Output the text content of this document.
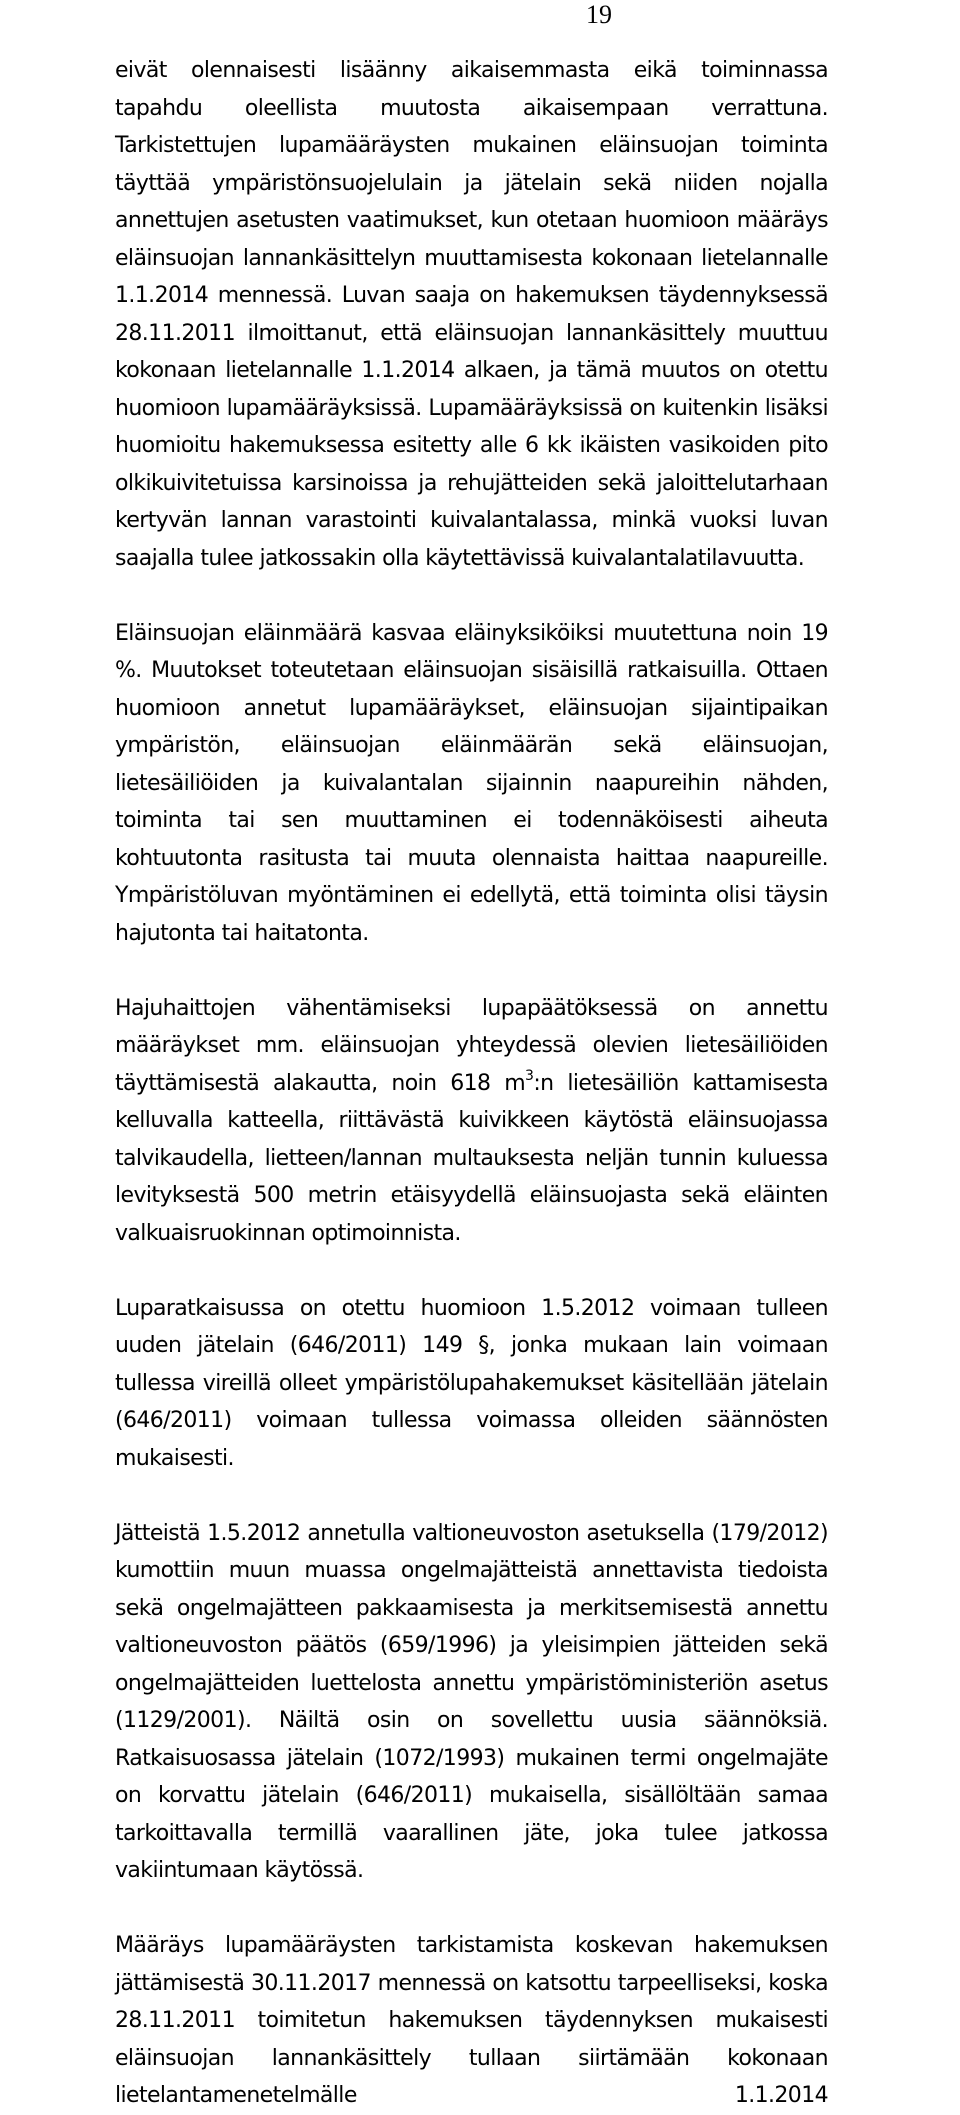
19

eivät olennaisesti lisäänny aikaisemmasta eikä toiminnassa tapahdu oleellista muutosta aikaisempaan verrattuna. Tarkistettujen lupamääräysten mukainen eläinsuojan toiminta täyttää ympäristönsuojelulain ja jätelain sekä niiden nojalla annettujen asetusten vaatimukset, kun otetaan huomioon määräys eläinsuojan lannankäsittelyn muuttamisesta kokonaan lietelannalle 1.1.2014 mennessä. Luvan saaja on hakemuksen täydennyksessä 28.11.2011 ilmoittanut, että eläinsuojan lannankäsittely muuttuu kokonaan lietelannalle 1.1.2014 alkaen, ja tämä muutos on otettu huomioon lupamääräyksissä. Lupamääräyksissä on kuitenkin lisäksi huomioitu hakemuksessa esitetty alle 6 kk ikäisten vasikoiden pito olkikuivitetuissa karsinoissa ja rehujätteiden sekä jaloittelutarhaan kertyvän lannan varastointi kuivalantalassa, minkä vuoksi luvan saajalla tulee jatkossakin olla käytettävissä kuivalantalatilavuutta.

Eläinsuojan eläinmäärä kasvaa eläinyksiköiksi muutettuna noin 19 %. Muutokset toteutetaan eläinsuojan sisäisillä ratkaisuilla. Ottaen huomioon annetut lupamääräykset, eläinsuojan sijaintipaikan ympäristön, eläinsuojan eläinmäärän sekä eläinsuojan, lietesäiliöiden ja kuivalantalan sijainnin naapureihin nähden, toiminta tai sen muuttaminen ei todennäköisesti aiheuta kohtuutonta rasitusta tai muuta olennaista haittaa naapureille. Ympäristöluvan myöntäminen ei edellytä, että toiminta olisi täysin hajutonta tai haitatonta.

Hajuhaittojen vähentämiseksi lupapäätöksessä on annettu määräykset mm. eläinsuojan yhteydessä olevien lietesäiliöiden täyttämisestä alakautta, noin 618 $m^3:n$ lietesäiliön kattamisesta kelluvalla katteella, riittävästä kuivikkeen käytöstä eläinsuojassa talvikaudella, lietteen/lannan multauksesta neljän tunnin kuluessa levityksestä 500 metrin etäisyydellä eläinsuojasta sekä eläinten valkuaisruokinnan optimoinnista.

Luparatkaisussa on otettu huomioon 1.5.2012 voimaan tulleen uuden jätelain (646/2011) 149 §, jonka mukaan lain voimaan tullessa vireillä olleet ympäristölupahakemukset käsitellään jätelain (646/2011) voimaan tullessa voimassa olleiden säännösten mukaisesti.

Jätteistä 1.5.2012 annetulla valtioneuvoston asetuksella (179/2012) kumottiin muun muassa ongelmajätteistä annettavista tiedoista sekä ongelmajätteen pakkaamisesta ja merkitsemisestä annettu valtioneuvoston päätös (659/1996) ja yleisimpien jätteiden sekä ongelmajätteiden luettelosta annettu ympäristöministeriön asetus (1129/2001). Näiltä osin on sovellettu uusia säännöksiä. Ratkaisuosassa jätelain (1072/1993) mukainen termi ongelmajäte on korvattu jätelain (646/2011) mukaisella, sisällöltään samaa tarkoittavalla termillä vaarallinen jäte, joka tulee jatkossa vakiintumaan käytössä.

Määräys lupamääräysten tarkistamista koskevan hakemuksen jättämisestä 30.11.2017 mennessä on katsottu tarpeelliseksi, koska 28.11.2011 toimitetun hakemuksen täydennyksen mukaisesti eläinsuojan lannankäsittely tullaan siirtämään kokonaan lietelantamenetelmälle 1.1.2014
